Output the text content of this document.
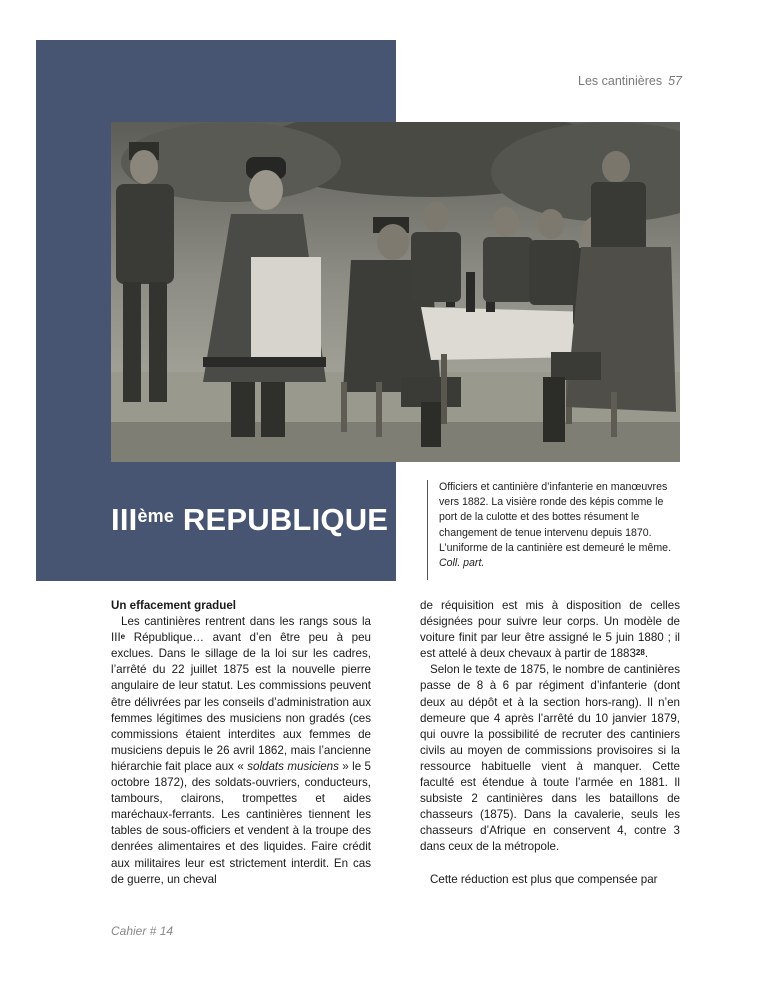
Les cantinières 57
IIIème REPUBLIQUE
Officiers et cantinière d’infanterie en manœuvres vers 1882. La visière ronde des képis comme le port de la culotte et des bottes résument le changement de tenue intervenu depuis 1870. L’uniforme de la cantinière est demeuré le même.
Coll. part.

Un effacement graduel

Les cantinières rentrent dans les rangs sous la IIIe République… avant d’en être peu à peu exclues. Dans le sillage de la loi sur les cadres, l’arrêté du 22 juillet 1875 est la nouvelle pierre angulaire de leur statut. Les commissions peuvent être délivrées par les conseils d’administration aux femmes légitimes des musiciens non gradés (ces commissions étaient interdites aux femmes de musiciens depuis le 26 avril 1862, mais l’ancienne hiérarchie fait place aux « soldats musiciens » le 5 octobre 1872), des soldats-ouvriers, conducteurs, tambours, clairons, trompettes et aides maréchaux-ferrants. Les cantinières tiennent les tables de sous-officiers et vendent à la troupe des denrées alimentaires et des liquides. Faire crédit aux militaires leur est strictement interdit. En cas de guerre, un cheval

de réquisition est mis à disposition de celles désignées pour suivre leur corps. Un modèle de voiture finit par leur être assigné le 5 juin 1880 ; il est attelé à deux chevaux à partir de 1883$^{28}$.

Selon le texte de 1875, le nombre de cantinières passe de 8 à 6 par régiment d’infanterie (dont deux au dépôt et à la section hors-rang). Il n’en demeure que 4 après l’arrêté du 10 janvier 1879, qui ouvre la possibilité de recruter des cantiniers civils au moyen de commissions provisoires si la ressource habituelle vient à manquer. Cette faculté est étendue à toute l’armée en 1881. Il subsiste 2 cantinières dans les bataillons de chasseurs (1875). Dans la cavalerie, seuls les chasseurs d’Afrique en conservent 4, contre 3 dans ceux de la métropole.

Cette réduction est plus que compensée par

Cahier # 14
